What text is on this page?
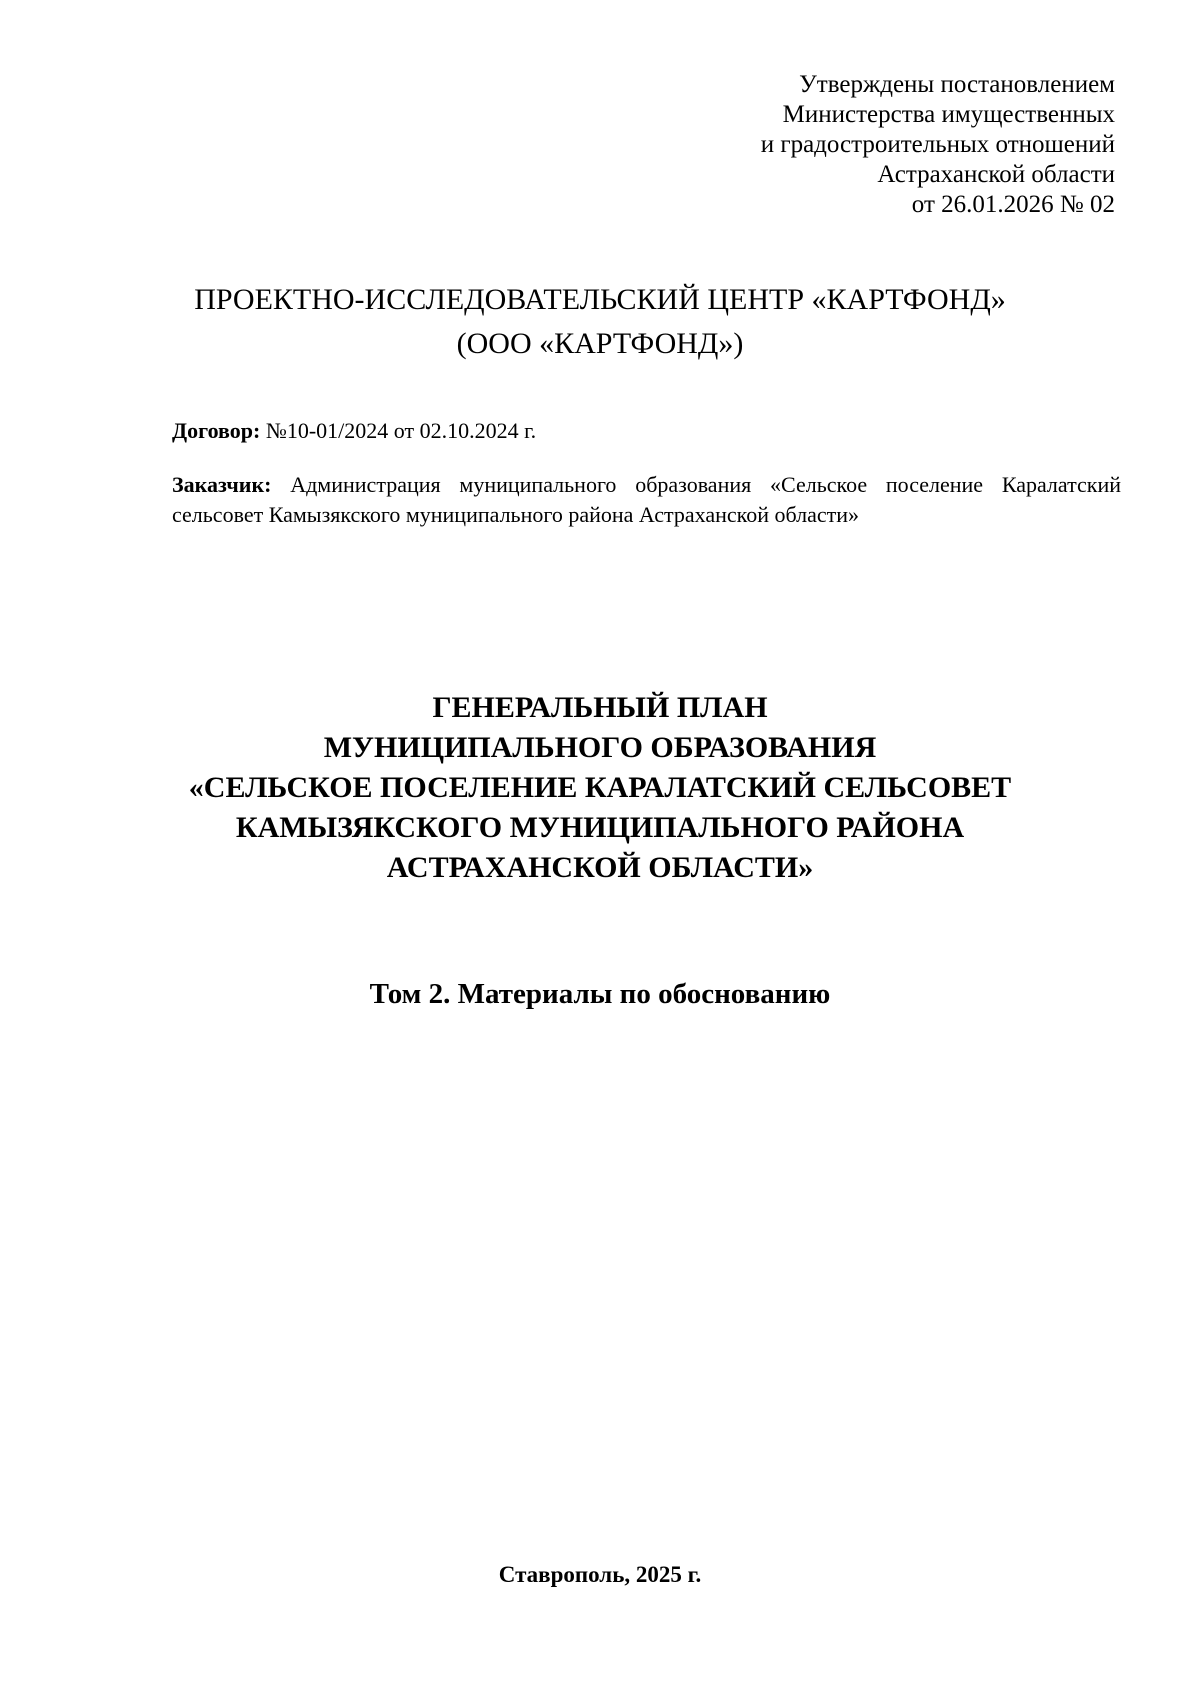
Утверждены постановлением
Министерства имущественных
и градостроительных отношений
Астраханской области
от 26.01.2026 № 02
ПРОЕКТНО-ИССЛЕДОВАТЕЛЬСКИЙ ЦЕНТР «КАРТФОНД»
(ООО «КАРТФОНД»)
Договор: №10-01/2024 от 02.10.2024 г.
Заказчик: Администрация муниципального образования «Сельское поселение Каралатский сельсовет Камызякского муниципального района Астраханской области»
ГЕНЕРАЛЬНЫЙ ПЛАН
МУНИЦИПАЛЬНОГО ОБРАЗОВАНИЯ
«СЕЛЬСКОЕ ПОСЕЛЕНИЕ КАРАЛАТСКИЙ СЕЛЬСОВЕТ
КАМЫЗЯКСКОГО МУНИЦИПАЛЬНОГО РАЙОНА
АСТРАХАНСКОЙ ОБЛАСТИ»
Том 2. Материалы по обоснованию
Ставрополь, 2025 г.
